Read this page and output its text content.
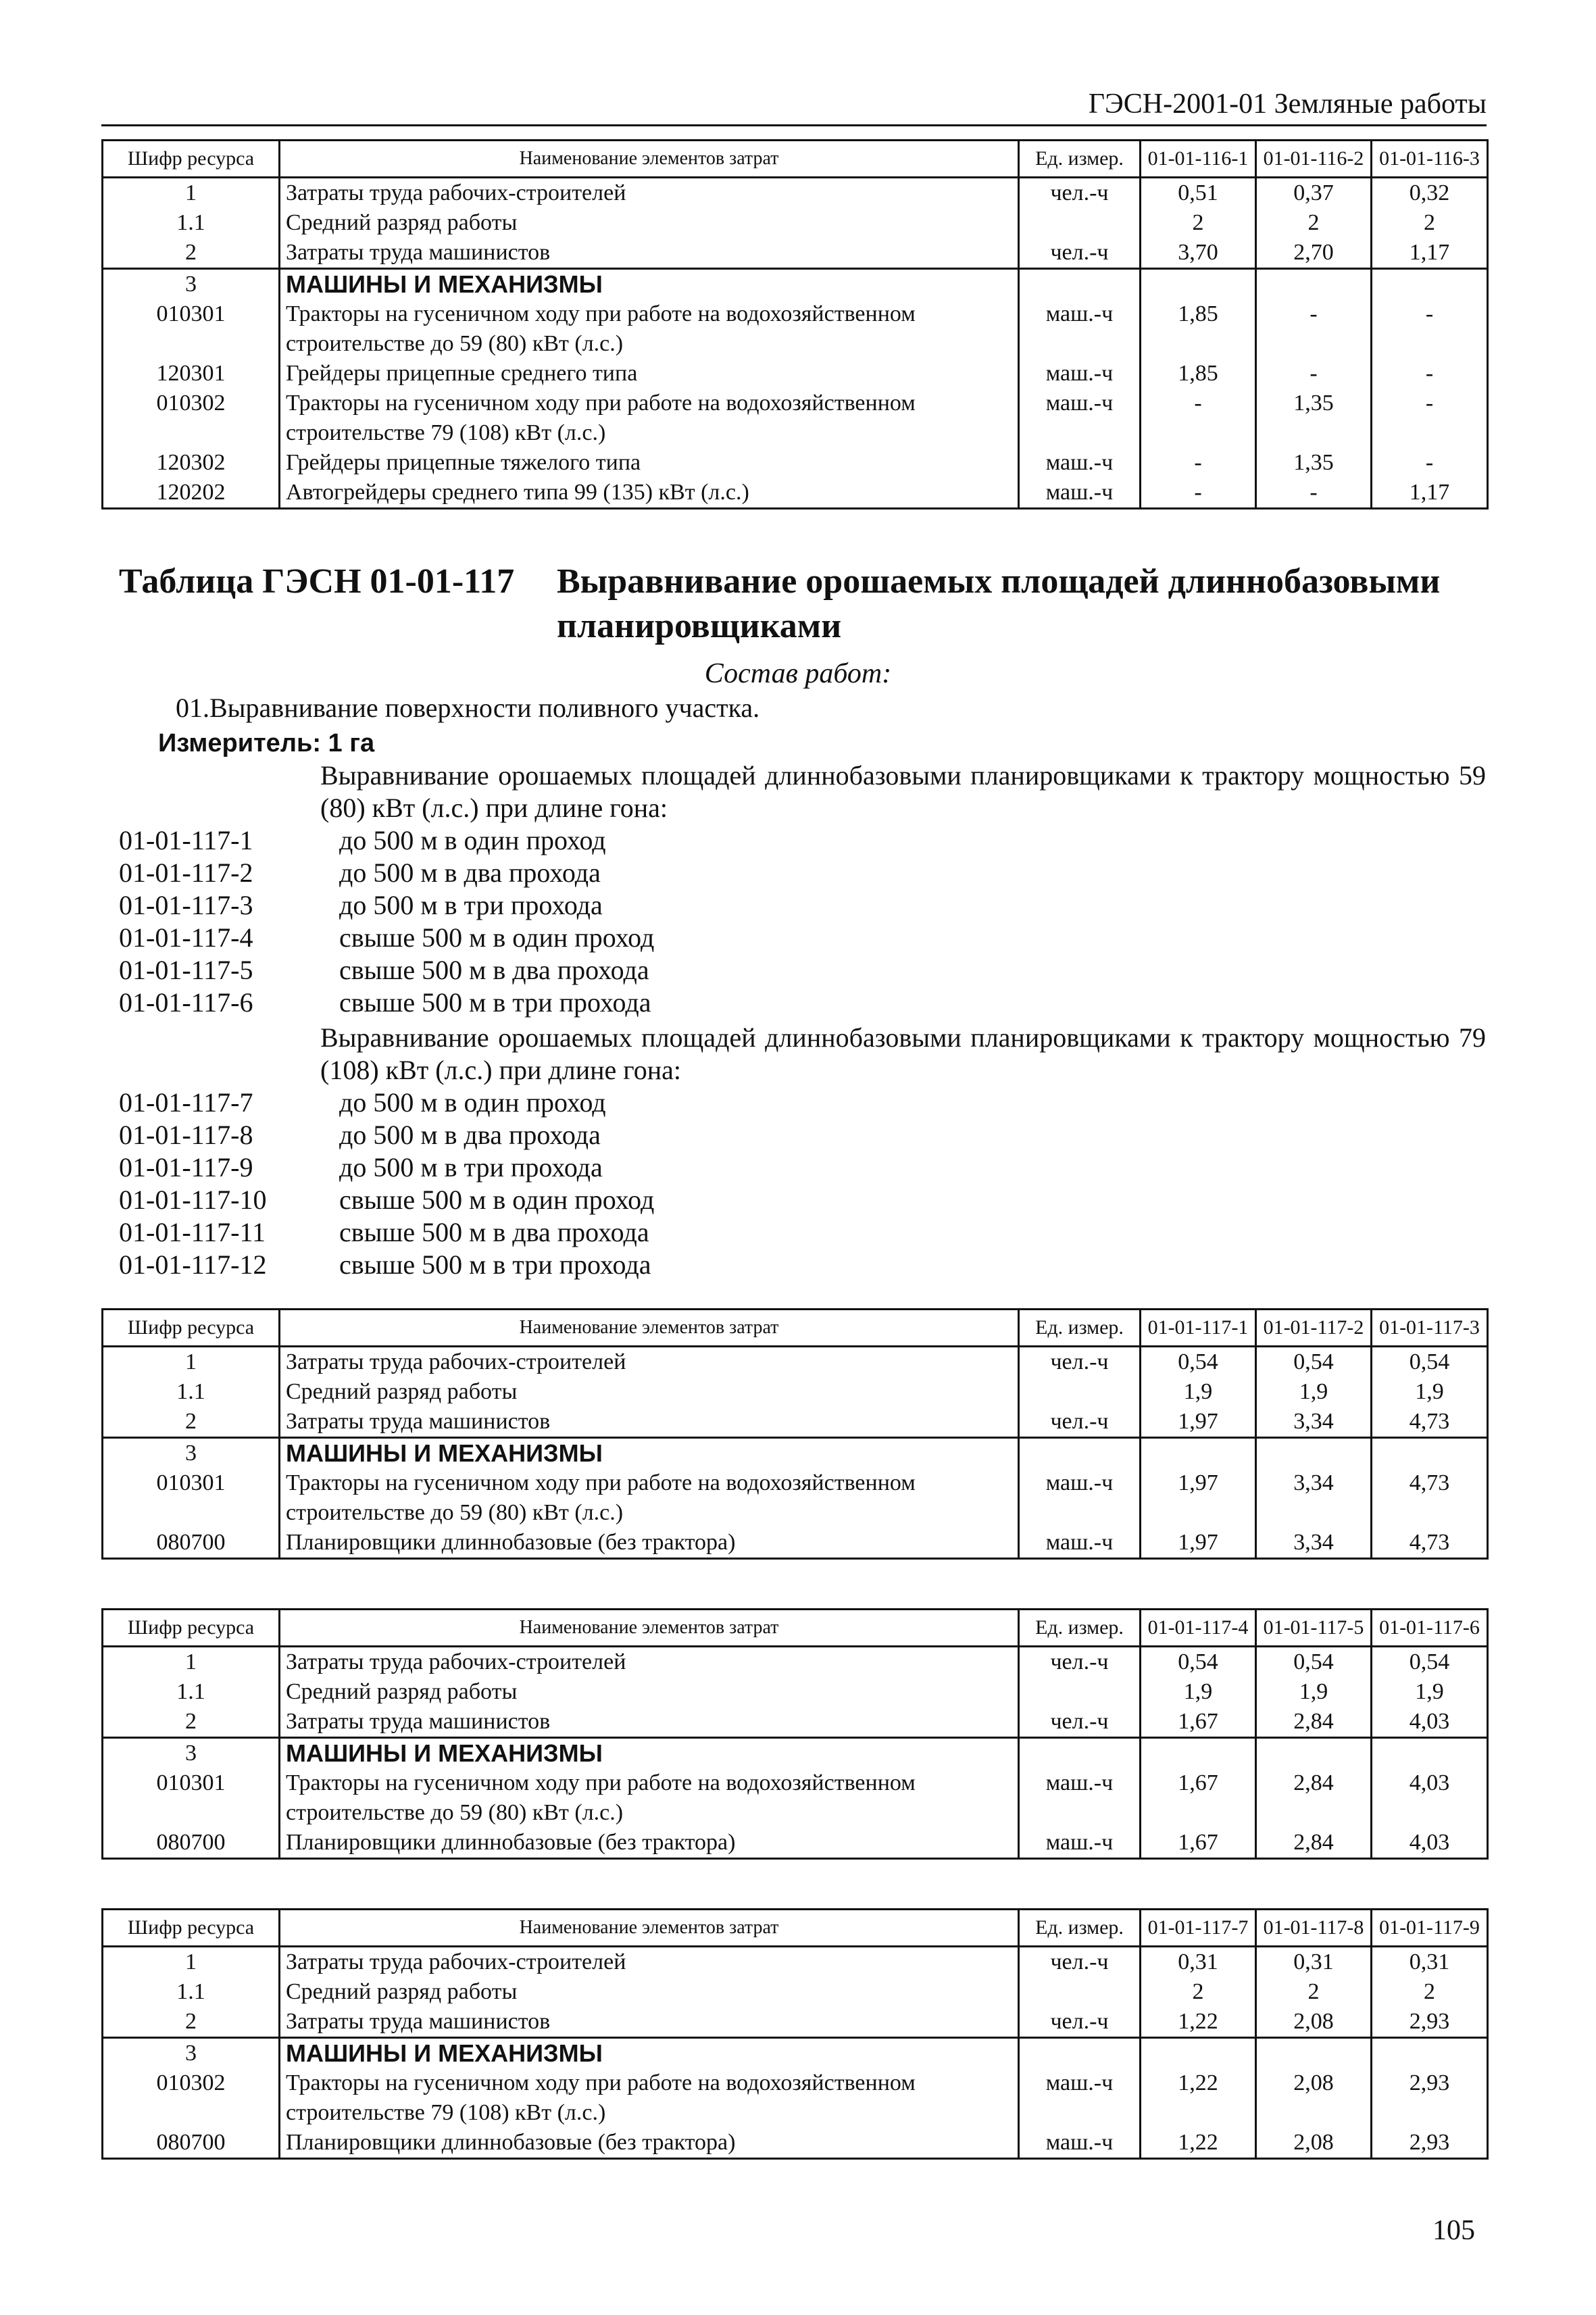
ГЭСН-2001-01 Земляные работы
Шифр ресурса	Наименование элементов затрат	Ед. измер.	01-01-116-1	01-01-116-2	01-01-116-3
1	Затраты труда рабочих-строителей	чел.-ч	0,51	0,37	0,32
1.1	Средний разряд работы		2	2	2
2	Затраты труда машинистов	чел.-ч	3,70	2,70	1,17
3	МАШИНЫ И МЕХАНИЗМЫ				
010301	Тракторы на гусеничном ходу при работе на водохозяйственном строительстве до 59 (80) кВт (л.с.)	маш.-ч	1,85	-	-
120301	Грейдеры прицепные среднего типа	маш.-ч	1,85	-	-
010302	Тракторы на гусеничном ходу при работе на водохозяйственном строительстве 79 (108) кВт (л.с.)	маш.-ч	-	1,35	-
120302	Грейдеры прицепные тяжелого типа	маш.-ч	-	1,35	-
120202	Автогрейдеры среднего типа 99 (135) кВт (л.с.)	маш.-ч	-	-	1,17
Таблица ГЭСН 01-01-117 Выравнивание орошаемых площадей длиннобазовыми планировщиками
Состав работ:
01.Выравнивание поверхности поливного участка.
Измеритель: 1 га
Выравнивание орошаемых площадей длиннобазовыми планировщиками к трактору мощностью 59 (80) кВт (л.с.) при длине гона:
01-01-117-1	до 500 м в один проход
01-01-117-2	до 500 м в два прохода
01-01-117-3	до 500 м в три прохода
01-01-117-4	свыше 500 м в один проход
01-01-117-5	свыше 500 м в два прохода
01-01-117-6	свыше 500 м в три прохода
Выравнивание орошаемых площадей длиннобазовыми планировщиками к трактору мощностью 79 (108) кВт (л.с.) при длине гона:
01-01-117-7	до 500 м в один проход
01-01-117-8	до 500 м в два прохода
01-01-117-9	до 500 м в три прохода
01-01-117-10	свыше 500 м в один проход
01-01-117-11	свыше 500 м в два прохода
01-01-117-12	свыше 500 м в три прохода
Шифр ресурса	Наименование элементов затрат	Ед. измер.	01-01-117-1	01-01-117-2	01-01-117-3
1	Затраты труда рабочих-строителей	чел.-ч	0,54	0,54	0,54
1.1	Средний разряд работы		1,9	1,9	1,9
2	Затраты труда машинистов	чел.-ч	1,97	3,34	4,73
3	МАШИНЫ И МЕХАНИЗМЫ				
010301	Тракторы на гусеничном ходу при работе на водохозяйственном строительстве до 59 (80) кВт (л.с.)	маш.-ч	1,97	3,34	4,73
080700	Планировщики длиннобазовые (без трактора)	маш.-ч	1,97	3,34	4,73
Шифр ресурса	Наименование элементов затрат	Ед. измер.	01-01-117-4	01-01-117-5	01-01-117-6
1	Затраты труда рабочих-строителей	чел.-ч	0,54	0,54	0,54
1.1	Средний разряд работы		1,9	1,9	1,9
2	Затраты труда машинистов	чел.-ч	1,67	2,84	4,03
3	МАШИНЫ И МЕХАНИЗМЫ				
010301	Тракторы на гусеничном ходу при работе на водохозяйственном строительстве до 59 (80) кВт (л.с.)	маш.-ч	1,67	2,84	4,03
080700	Планировщики длиннобазовые (без трактора)	маш.-ч	1,67	2,84	4,03
Шифр ресурса	Наименование элементов затрат	Ед. измер.	01-01-117-7	01-01-117-8	01-01-117-9
1	Затраты труда рабочих-строителей	чел.-ч	0,31	0,31	0,31
1.1	Средний разряд работы		2	2	2
2	Затраты труда машинистов	чел.-ч	1,22	2,08	2,93
3	МАШИНЫ И МЕХАНИЗМЫ				
010302	Тракторы на гусеничном ходу при работе на водохозяйственном строительстве 79 (108) кВт (л.с.)	маш.-ч	1,22	2,08	2,93
080700	Планировщики длиннобазовые (без трактора)	маш.-ч	1,22	2,08	2,93
105
